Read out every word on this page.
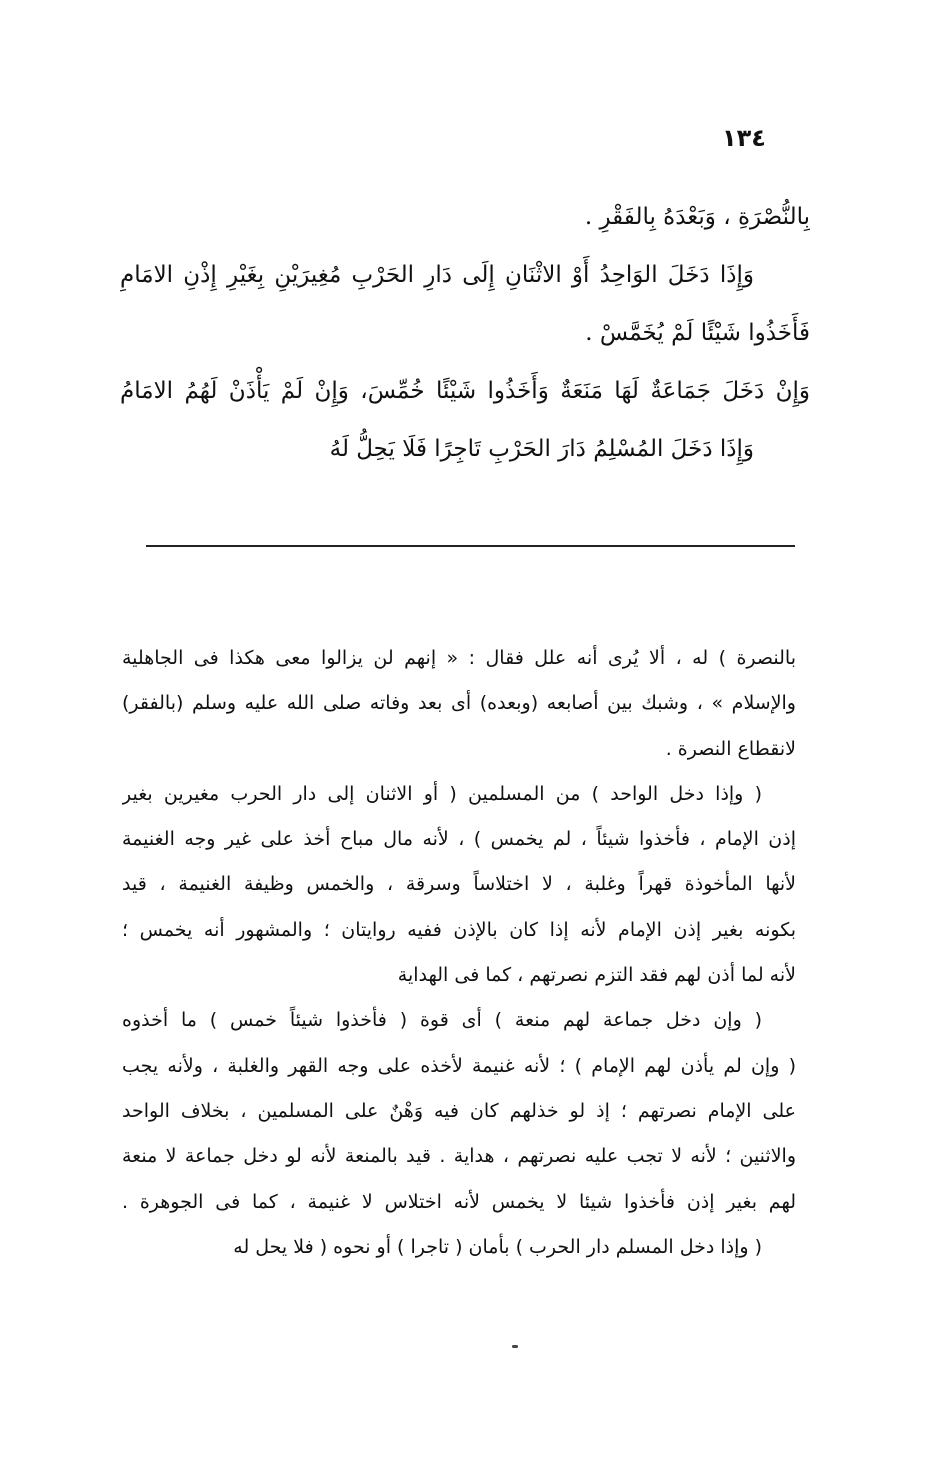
١٣٤
بِالنُّصْرَةِ ، وَبَعْدَهُ بِالفَقْرِ .
وَإِذَا دَخَلَ الوَاحِدُ أَوْ الاثْنَانِ إِلَى دَارِ الحَرْبِ مُغِيرَيْنِ بِغَيْرِ إِذْنِ الامَامِ
فَأَخَذُوا شَيْئًا لَمْ يُخَمَّسْ .
وَإِنْ دَخَلَ جَمَاعَةٌ لَهَا مَنَعَةٌ وَأَخَذُوا شَيْئًا خُمِّسَ، وَإِنْ لَمْ يَأْذَنْ لَهُمُ الامَامُ
وَإِذَا دَخَلَ المُسْلِمُ دَارَ الحَرْبِ تَاجِرًا فَلَا يَحِلُّ لَهُ
بالنصرة ) له ، ألا يُرى أنه علل فقال : « إنهم لن يزالوا معى هكذا فى الجاهلية
والإسلام » ، وشبك بين أصابعه (وبعده) أى بعد وفاته صلى الله عليه وسلم (بالفقر)
لانقطاع النصرة .
( وإذا دخل الواحد ) من المسلمين ( أو الاثنان إلى دار الحرب مغيرين بغير
إذن الإمام ، فأخذوا شيئاً ، لم يخمس ) ، لأنه مال مباح أخذ على غير وجه الغنيمة
لأنها المأخوذة قهراً وغلبة ، لا اختلاساً وسرقة ، والخمس وظيفة الغنيمة ، قيد
بكونه بغير إذن الإمام لأنه إذا كان بالإذن ففيه روايتان ؛ والمشهور أنه يخمس ؛
لأنه لما أذن لهم فقد التزم نصرتهم ، كما فى الهداية
( وإن دخل جماعة لهم منعة ) أى قوة ( فأخذوا شيئاً خمس ) ما أخذوه
( وإن لم يأذن لهم الإمام ) ؛ لأنه غنيمة لأخذه على وجه القهر والغلبة ، ولأنه يجب
على الإمام نصرتهم ؛ إذ لو خذلهم كان فيه وَهْنٌ على المسلمين ، بخلاف الواحد
والاثنين ؛ لأنه لا تجب عليه نصرتهم ، هداية . قيد بالمنعة لأنه لو دخل جماعة لا منعة
لهم بغير إذن فأخذوا شيئا لا يخمس لأنه اختلاس لا غنيمة ، كما فى الجوهرة .
( وإذا دخل المسلم دار الحرب ) بأمان ( تاجرا ) أو نحوه ( فلا يحل له
